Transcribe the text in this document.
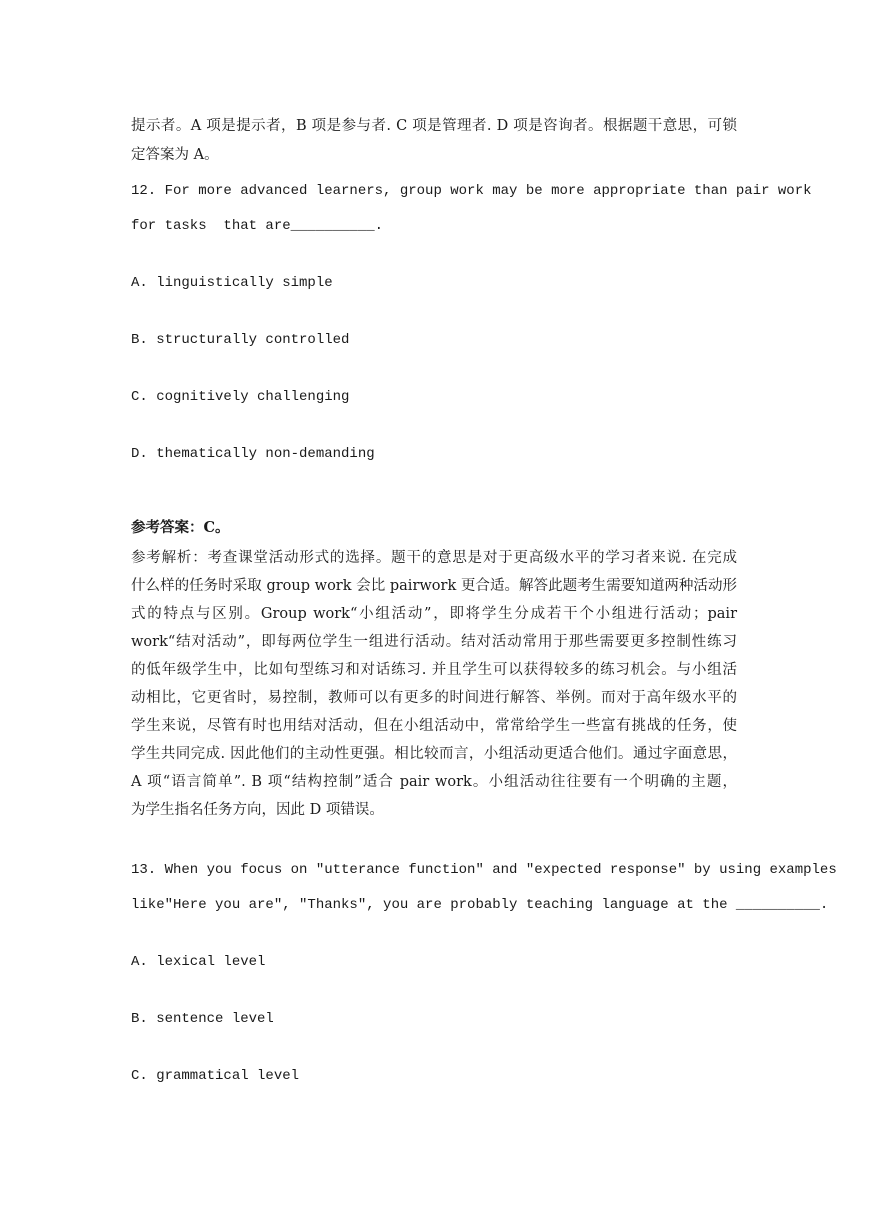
提示者。A 项是提示者，B 项是参与者. C 项是管理者. D 项是咨询者。根据题干意思，可锁
定答案为 A。
12. For more advanced learners, group work may be more appropriate than pair work
for tasks  that are__________.
A. linguistically simple
B. structurally controlled
C. cognitively challenging
D. thematically non-demanding
参考答案：C。
参考解析：考查课堂活动形式的选择。题干的意思是对于更高级水平的学习者来说. 在完成
什么样的任务时采取 group work 会比 pairwork 更合适。解答此题考生需要知道两种活动形
式的特点与区别。Group work“小组活动”，即将学生分成若干个小组进行活动；pair
work“结对活动”，即每两位学生一组进行活动。结对活动常用于那些需要更多控制性练习
的低年级学生中，比如句型练习和对话练习. 并且学生可以获得较多的练习机会。与小组活
动相比，它更省时，易控制，教师可以有更多的时间进行解答、举例。而对于高年级水平的
学生来说，尽管有时也用结对活动，但在小组活动中，常常给学生一些富有挑战的任务，使
学生共同完成. 因此他们的主动性更强。相比较而言，小组活动更适合他们。通过字面意思，
A 项“语言简单”. B 项“结构控制”适合 pair work。小组活动往往要有一个明确的主题，
为学生指名任务方向，因此 D 项错误。
13. When you focus on "utterance function" and "expected response" by using examples
like"Here you are", "Thanks", you are probably teaching language at the __________.
A. lexical level
B. sentence level
C. grammatical level
